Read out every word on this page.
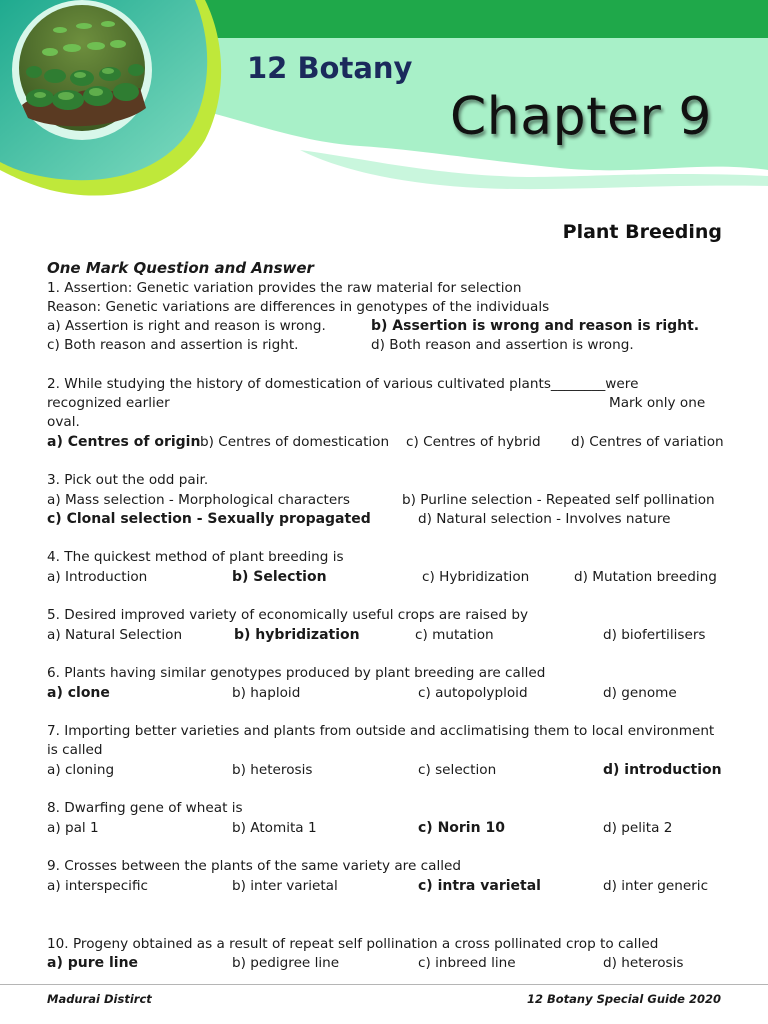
12 Botany
Chapter 9
Plant Breeding
One Mark Question and Answer
1. Assertion: Genetic variation provides the raw material for selection
Reason: Genetic variations are differences in genotypes of the individuals
a) Assertion is right and reason is wrong.	b) Assertion is wrong and reason is right.
c) Both reason and assertion is right.	d) Both reason and assertion is wrong.
2. While studying the history of domestication of various cultivated plants________were
recognized earlier	Mark only one
oval.
a) Centres of origin b) Centres of domestication c) Centres of hybrid d) Centres of variation
3. Pick out the odd pair.
a) Mass selection - Morphological characters	b) Purline selection - Repeated self pollination
c) Clonal selection - Sexually propagated	d) Natural selection - Involves nature
4. The quickest method of plant breeding is
a) Introduction	b) Selection	c) Hybridization	d) Mutation breeding
5. Desired improved variety of economically useful crops are raised by
a) Natural Selection	b) hybridization	c) mutation	d) biofertilisers
6. Plants having similar genotypes produced by plant breeding are called
a) clone	b) haploid	c) autopolyploid	d) genome
7. Importing better varieties and plants from outside and acclimatising them to local environment
is called
a) cloning	b) heterosis	c) selection	d) introduction
8. Dwarfing gene of wheat is
a) pal 1	b) Atomita 1	c) Norin 10	d) pelita 2
9. Crosses between the plants of the same variety are called
a) interspecific	b) inter varietal	c) intra varietal	d) inter generic
10. Progeny obtained as a result of repeat self pollination a cross pollinated crop to called
a) pure line	b) pedigree line	c) inbreed line	d) heterosis
Madurai Distirct	12 Botany Special Guide 2020
